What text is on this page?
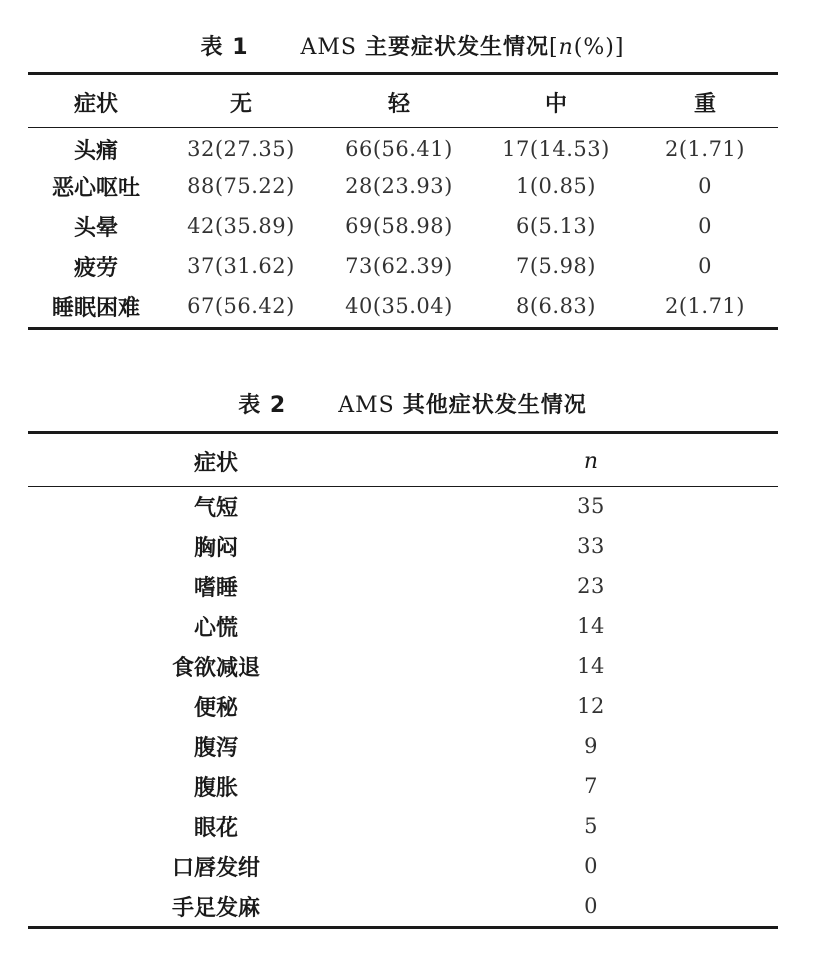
表 1 AMS 主要症状发生情况[n(%)]
症状	无	轻	中	重
头痛	32(27.35)	66(56.41)	17(14.53)	2(1.71)
恶心呕吐	88(75.22)	28(23.93)	1(0.85)	0
头晕	42(35.89)	69(58.98)	6(5.13)	0
疲劳	37(31.62)	73(62.39)	7(5.98)	0
睡眠困难	67(56.42)	40(35.04)	8(6.83)	2(1.71)
表 2 AMS 其他症状发生情况
症状	n
气短	35
胸闷	33
嗜睡	23
心慌	14
食欲减退	14
便秘	12
腹泻	9
腹胀	7
眼花	5
口唇发绀	0
手足发麻	0
